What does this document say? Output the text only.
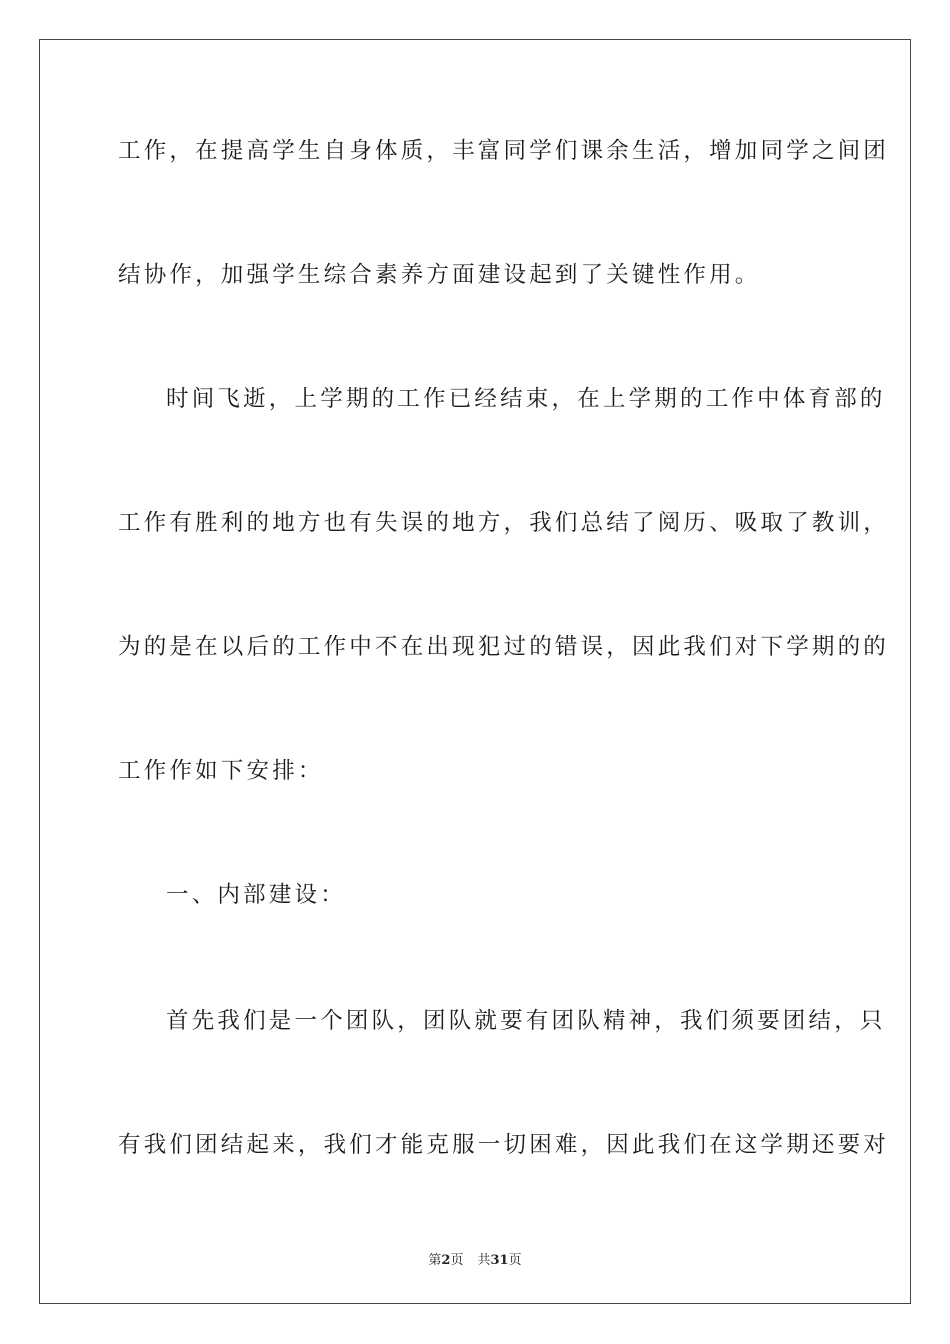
工作，在提高学生自身体质，丰富同学们课余生活，增加同学之间团
结协作，加强学生综合素养方面建设起到了关键性作用。
时间飞逝，上学期的工作已经结束，在上学期的工作中体育部的
工作有胜利的地方也有失误的地方，我们总结了阅历、吸取了教训，
为的是在以后的工作中不在出现犯过的错误，因此我们对下学期的的
工作作如下安排：
一、内部建设：
首先我们是一个团队，团队就要有团队精神，我们须要团结，只
有我们团结起来，我们才能克服一切困难，因此我们在这学期还要对
第2页 共31页
